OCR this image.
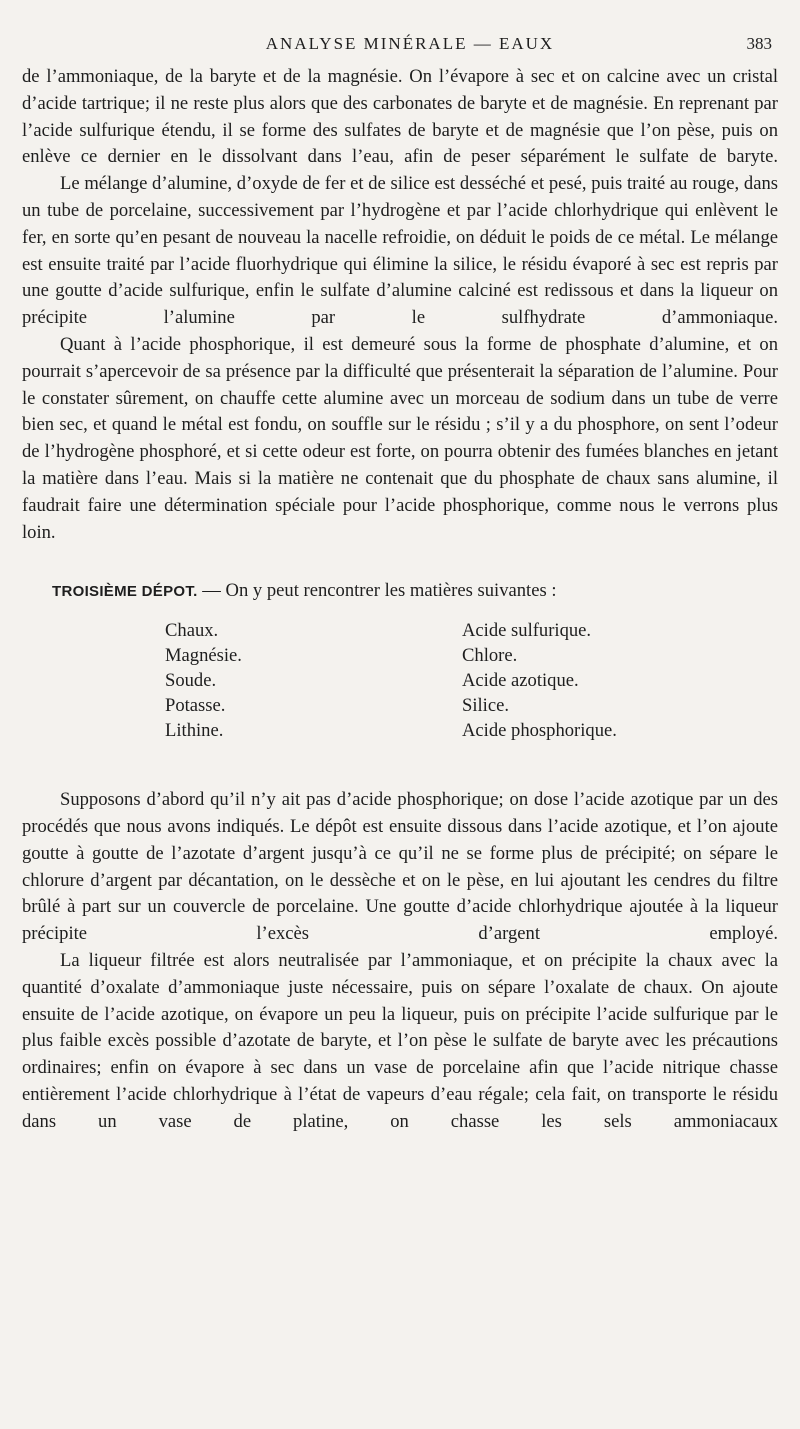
ANALYSE MINÉRALE — EAUX	383

de l’ammoniaque, de la baryte et de la magnésie. On l’évapore à sec et on calcine avec un cristal d’acide tartrique; il ne reste plus alors que des carbonates de baryte et de magnésie. En reprenant par l’acide sulfurique étendu, il se forme des sulfates de baryte et de magnésie que l’on pèse, puis on enlève ce dernier en le dissolvant dans l’eau, afin de peser séparément le sulfate de baryte.

Le mélange d’alumine, d’oxyde de fer et de silice est desséché et pesé, puis traité au rouge, dans un tube de porcelaine, successivement par l’hydrogène et par l’acide chlorhydrique qui enlèvent le fer, en sorte qu’en pesant de nouveau la nacelle refroidie, on déduit le poids de ce métal. Le mélange est ensuite traité par l’acide fluorhydrique qui élimine la silice, le résidu évaporé à sec est repris par une goutte d’acide sulfurique, enfin le sulfate d’alumine calciné est redissous et dans la liqueur on précipite l’alumine par le sulfhydrate d’ammoniaque.

Quant à l’acide phosphorique, il est demeuré sous la forme de phosphate d’alumine, et on pourrait s’apercevoir de sa présence par la difficulté que présenterait la séparation de l’alumine. Pour le constater sûrement, on chauffe cette alumine avec un morceau de sodium dans un tube de verre bien sec, et quand le métal est fondu, on souffle sur le résidu ; s’il y a du phosphore, on sent l’odeur de l’hydrogène phosphoré, et si cette odeur est forte, on pourra obtenir des fumées blanches en jetant la matière dans l’eau. Mais si la matière ne contenait que du phosphate de chaux sans alumine, il faudrait faire une détermination spéciale pour l’acide phosphorique, comme nous le verrons plus loin.

TROISIÈME DÉPOT. — On y peut rencontrer les matières suivantes :

Chaux.
Magnésie.
Soude.
Potasse.
Lithine.
Acide sulfurique.
Chlore.
Acide azotique.
Silice.
Acide phosphorique.

Supposons d’abord qu’il n’y ait pas d’acide phosphorique; on dose l’acide azotique par un des procédés que nous avons indiqués. Le dépôt est ensuite dissous dans l’acide azotique, et l’on ajoute goutte à goutte de l’azotate d’argent jusqu’à ce qu’il ne se forme plus de précipité; on sépare le chlorure d’argent par décantation, on le dessèche et on le pèse, en lui ajoutant les cendres du filtre brûlé à part sur un couvercle de porcelaine. Une goutte d’acide chlorhydrique ajoutée à la liqueur précipite l’excès d’argent employé.

La liqueur filtrée est alors neutralisée par l’ammoniaque, et on précipite la chaux avec la quantité d’oxalate d’ammoniaque juste nécessaire, puis on sépare l’oxalate de chaux. On ajoute ensuite de l’acide azotique, on évapore un peu la liqueur, puis on précipite l’acide sulfurique par le plus faible excès possible d’azotate de baryte, et l’on pèse le sulfate de baryte avec les précautions ordinaires; enfin on évapore à sec dans un vase de porcelaine afin que l’acide nitrique chasse entièrement l’acide chlorhydrique à l’état de vapeurs d’eau régale; cela fait, on transporte le résidu dans un vase de platine, on chasse les sels ammoniacaux
